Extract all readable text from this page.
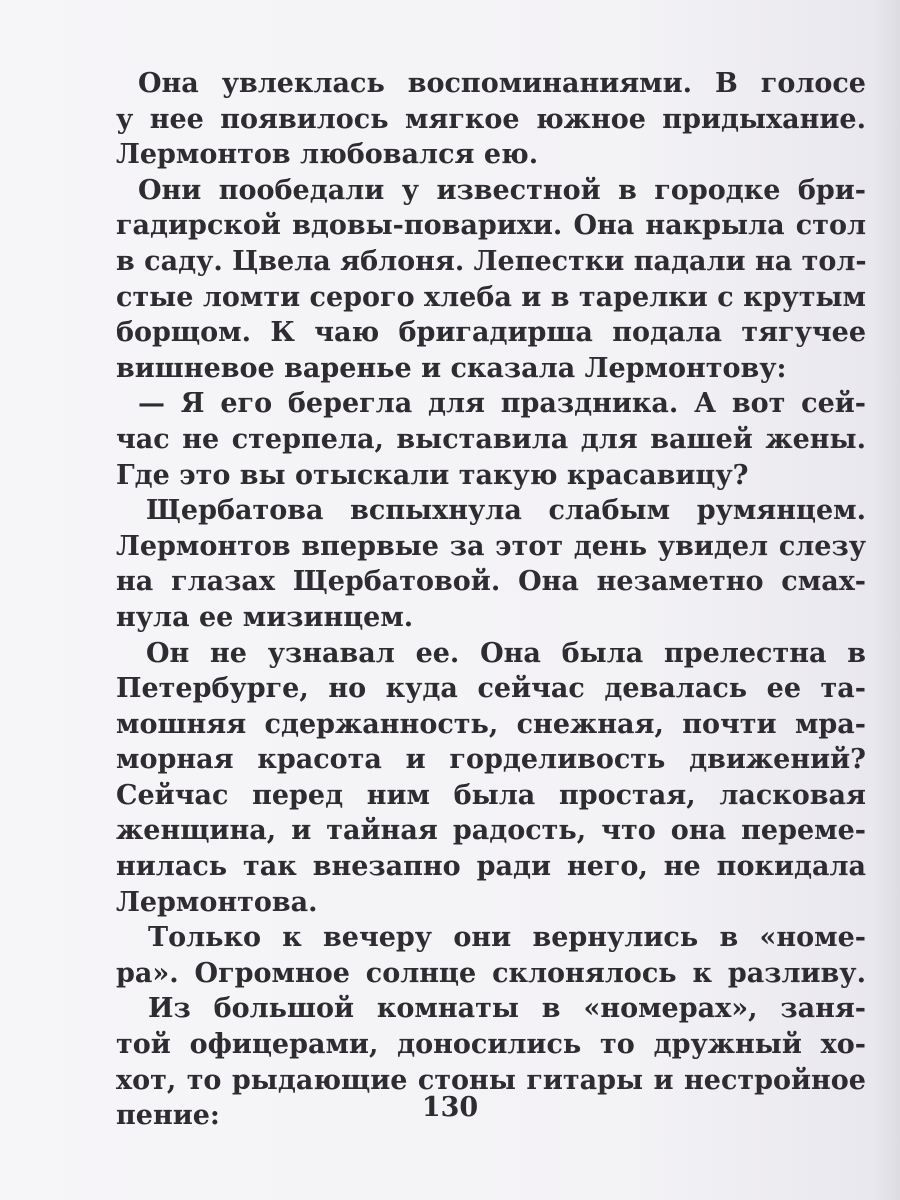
Она увлеклась воспоминаниями. В голосе
у нее появилось мягкое южное придыхание.
Лермонтов любовался ею.
Они пообедали у известной в городке бри-
гадирской вдовы-поварихи. Она накрыла стол
в саду. Цвела яблоня. Лепестки падали на тол-
стые ломти серого хлеба и в тарелки с крутым
борщом. К чаю бригадирша подала тягучее
вишневое варенье и сказала Лермонтову:
— Я его берегла для праздника. А вот сей-
час не стерпела, выставила для вашей жены.
Где это вы отыскали такую красавицу?
Щербатова вспыхнула слабым румянцем.
Лермонтов впервые за этот день увидел слезу
на глазах Щербатовой. Она незаметно смах-
нула ее мизинцем.
Он не узнавал ее. Она была прелестна в
Петербурге, но куда сейчас девалась ее та-
мошняя сдержанность, снежная, почти мра-
морная красота и горделивость движений?
Сейчас перед ним была простая, ласковая
женщина, и тайная радость, что она переме-
нилась так внезапно ради него, не покидала
Лермонтова.
Только к вечеру они вернулись в «номе-
ра». Огромное солнце склонялось к разливу.
Из большой комнаты в «номерах», заня-
той офицерами, доносились то дружный хо-
хот, то рыдающие стоны гитары и нестройное
пение:	130
